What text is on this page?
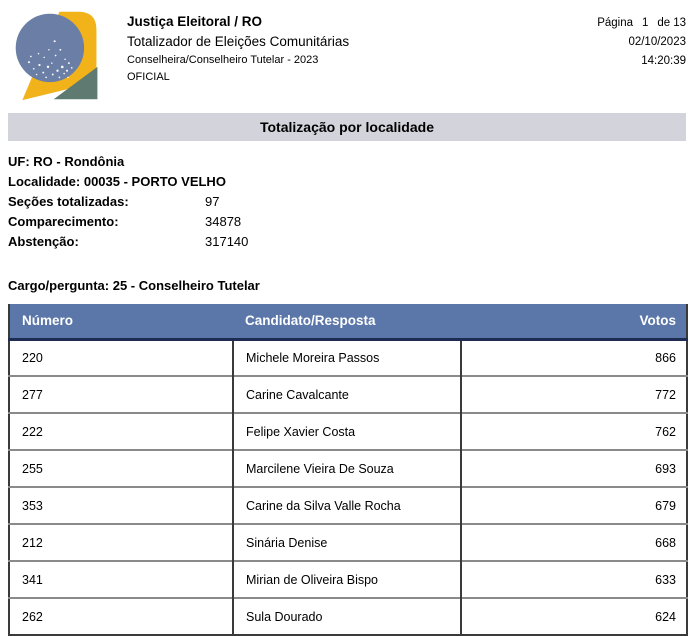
Justiça Eleitoral / RO
Totalizador de Eleições Comunitárias
Conselheira/Conselheiro Tutelar - 2023
OFICIAL
Página 1 de 13
02/10/2023
14:20:39
Totalização por localidade
UF: RO - Rondônia
Localidade: 00035 - PORTO VELHO
Seções totalizadas:	97
Comparecimento:	34878
Abstenção:	317140
Cargo/pergunta: 25 - Conselheiro Tutelar
Número	Candidato/Resposta	Votos
220	Michele Moreira Passos	866
277	Carine Cavalcante	772
222	Felipe Xavier Costa	762
255	Marcilene Vieira De Souza	693
353	Carine da Silva Valle Rocha	679
212	Sinária Denise	668
341	Mirian de Oliveira Bispo	633
262	Sula Dourado	624
